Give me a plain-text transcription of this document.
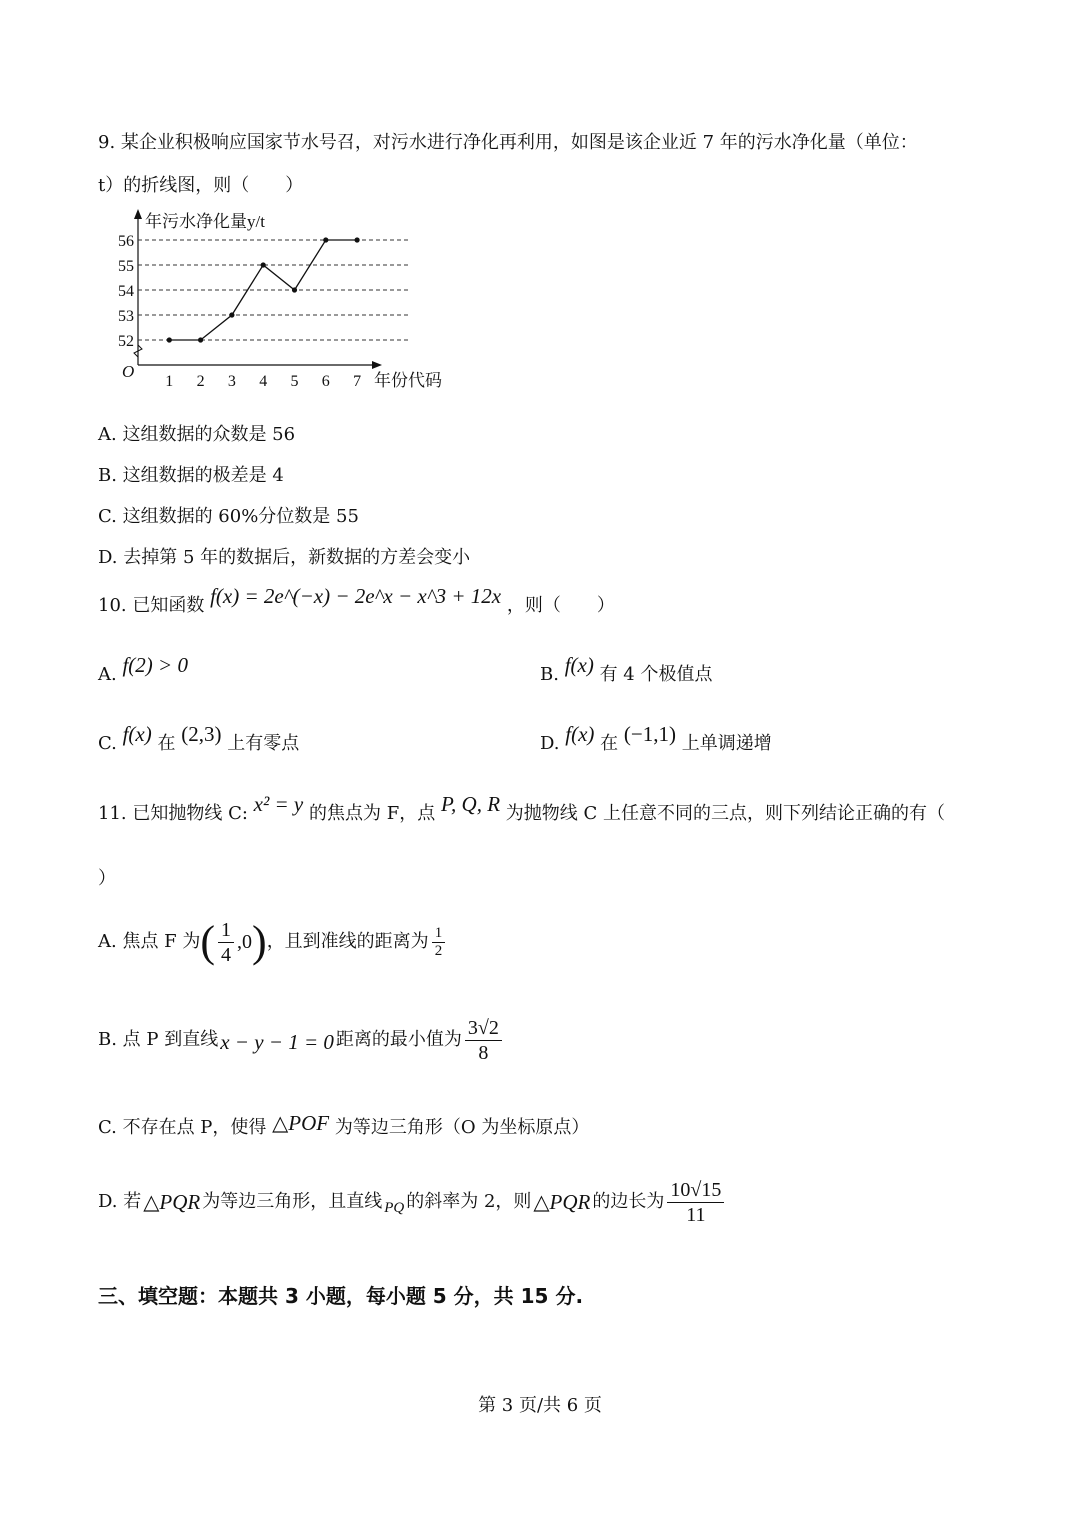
9. 某企业积极响应国家节水号召，对污水进行净化再利用，如图是该企业近 7 年的污水净化量（单位：
t）的折线图，则（　　）
52
53
54
55
56
1 2 3 4 5 6 7
O
年污水净化量y/t
年份代码
A. 这组数据的众数是 56
B. 这组数据的极差是 4
C. 这组数据的 60%分位数是 55
D. 去掉第 5 年的数据后，新数据的方差会变小
10. 已知函数 f(x) = 2e^(−x) − 2e^x − x^3 + 12x ，则（　　）
A. f(2) > 0	B. f(x) 有 4 个极值点
C. f(x) 在 (2,3) 上有零点	D. f(x) 在 (−1,1) 上单调递增
11. 已知抛物线 C: x² = y 的焦点为 F，点 P, Q, R 为抛物线 C 上任意不同的三点，则下列结论正确的有（
）
A. 焦点 F 为 ( $\frac{1}{4} ,0$ ) ，且到准线的距离为 $\frac{1}{2}$
B. 点 P 到直线 x − y − 1 = 0 距离的最小值为 $\frac{3√2}{8}$
C. 不存在点 P，使得 △POF 为等边三角形（O 为坐标原点）
D. 若 △PQR 为等边三角形，且直线 PQ 的斜率为 2，则 △PQR 的边长为 $\frac{10√15}{11}$
三、填空题：本题共 3 小题，每小题 5 分，共 15 分.
第 3 页/共 6 页
